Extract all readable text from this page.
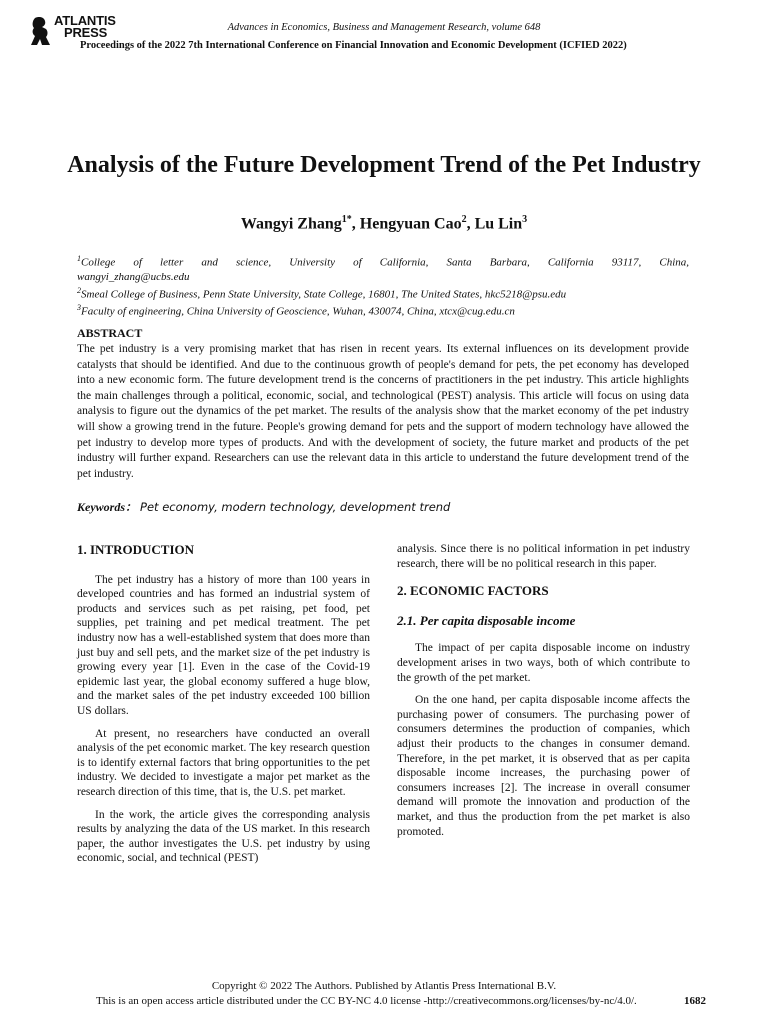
ATLANTIS
PRESS	Advances in Economics, Business and Management Research, volume 648
Proceedings of the 2022 7th International Conference on Financial Innovation and Economic Development (ICFIED 2022)
Analysis of the Future Development Trend of the Pet Industry
Wangyi Zhang$^{1*}$, Hengyuan Cao$^2$, Lu Lin$^3$

$^1$College of letter and science, University of California, Santa Barbara, California 93117, China,

wangyi_zhang@ucbs.edu

$^2$Smeal College of Business, Penn State University, State College, 16801, The United States, hkc5218@psu.edu

$^3$Faculty of engineering, China University of Geoscience, Wuhan, 430074, China, xtcx@cug.edu.cn

ABSTRACT

The pet industry is a very promising market that has risen in recent years. Its external influences on its development provide catalysts that should be identified. And due to the continuous growth of people's demand for pets, the pet economy has developed into a new economic form. The future development trend is the concerns of practitioners in the pet industry. This article highlights the main challenges through a political, economic, social, and technological (PEST) analysis. This article will focus on using data analysis to figure out the dynamics of the pet market. The results of the analysis show that the market economy of the pet industry will show a growing trend in the future. People's growing demand for pets and the support of modern technology have allowed the pet industry to develop more types of products. And with the development of society, the future market and products of the pet industry will further expand. Researchers can use the relevant data in this article to understand the future development trend of the pet industry.

Keywords： Pet economy, modern technology, development trend
1. INTRODUCTION

The pet industry has a history of more than 100 years in developed countries and has formed an industrial system of products and services such as pet raising, pet food, pet supplies, pet training and pet medical treatment. The pet industry now has a well-established system that does more than just buy and sell pets, and the market size of the pet industry is growing every year [1]. Even in the case of the Covid-19 epidemic last year, the global economy suffered a huge blow, and the market sales of the pet industry exceeded 100 billion US dollars.

At present, no researchers have conducted an overall analysis of the pet economic market. The key research question is to identify external factors that bring opportunities to the pet industry. We decided to investigate a major pet market as the research direction of this time, that is, the U.S. pet market.

In the work, the article gives the corresponding analysis results by analyzing the data of the US market. In this research paper, the author investigates the U.S. pet industry by using economic, social, and technical (PEST)

analysis. Since there is no political information in pet industry research, there will be no political research in this paper.

2. ECONOMIC FACTORS
2.1. Per capita disposable income

The impact of per capita disposable income on industry development arises in two ways, both of which contribute to the growth of the pet market.

On the one hand, per capita disposable income affects the purchasing power of consumers. The purchasing power of consumers determines the production of companies, which adjust their products to the changes in consumer demand. Therefore, in the pet market, it is observed that as per capita disposable income increases, the purchasing power of consumers increases [2]. The increase in overall consumer demand will promote the innovation and production of the market, and thus the production from the pet market is also promoted.

Copyright © 2022 The Authors. Published by Atlantis Press International B.V.
This is an open access article distributed under the CC BY-NC 4.0 license -http://creativecommons.org/licenses/by-nc/4.0/.	1682
